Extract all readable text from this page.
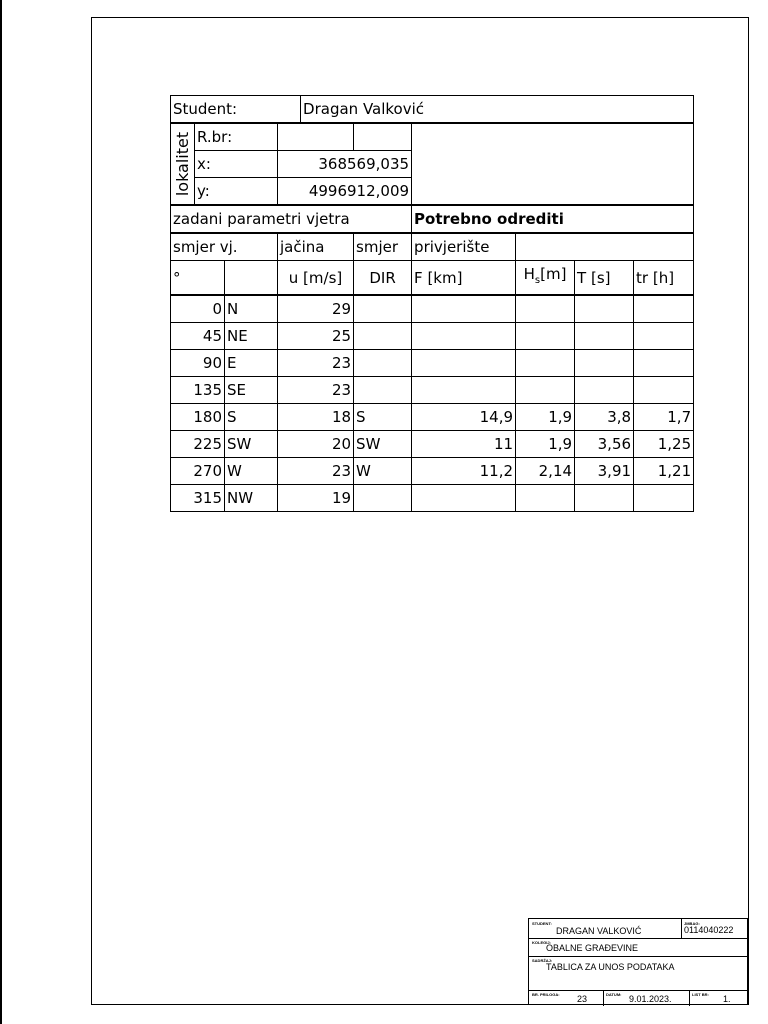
Student:				Dragan Valković					

lokalitet	R.br:								
	x:		368569,035						
	y:		4996912,009						
zadani parametri vjetra						Potrebno odrediti			
smjer vj.			jačina		smjer	privjerište			
°			u [m/s]		DIR	F [km]	$H_s[m]$	T [s]	tr [h]
0		N	29						
45		NE	25						
90		E	23						
135		SE	23						
180		S	18		S	14,9	1,9	3,8	1,7
225		SW	20		SW	11	1,9	3,56	1,25
270		W	23		W	11,2	2,14	3,91	1,21
315		NW	19						
STUDENT:
DRAGAN VALKOVIĆ
JMBAG:
0114040222
KOLEGIJ:
OBALNE GRAĐEVINE
SADRŽAJ:
TABLICA ZA UNOS PODATAKA
BR. PRILOGA: 23	DATUM: 9.01.2023.	LIST BR: 1.
